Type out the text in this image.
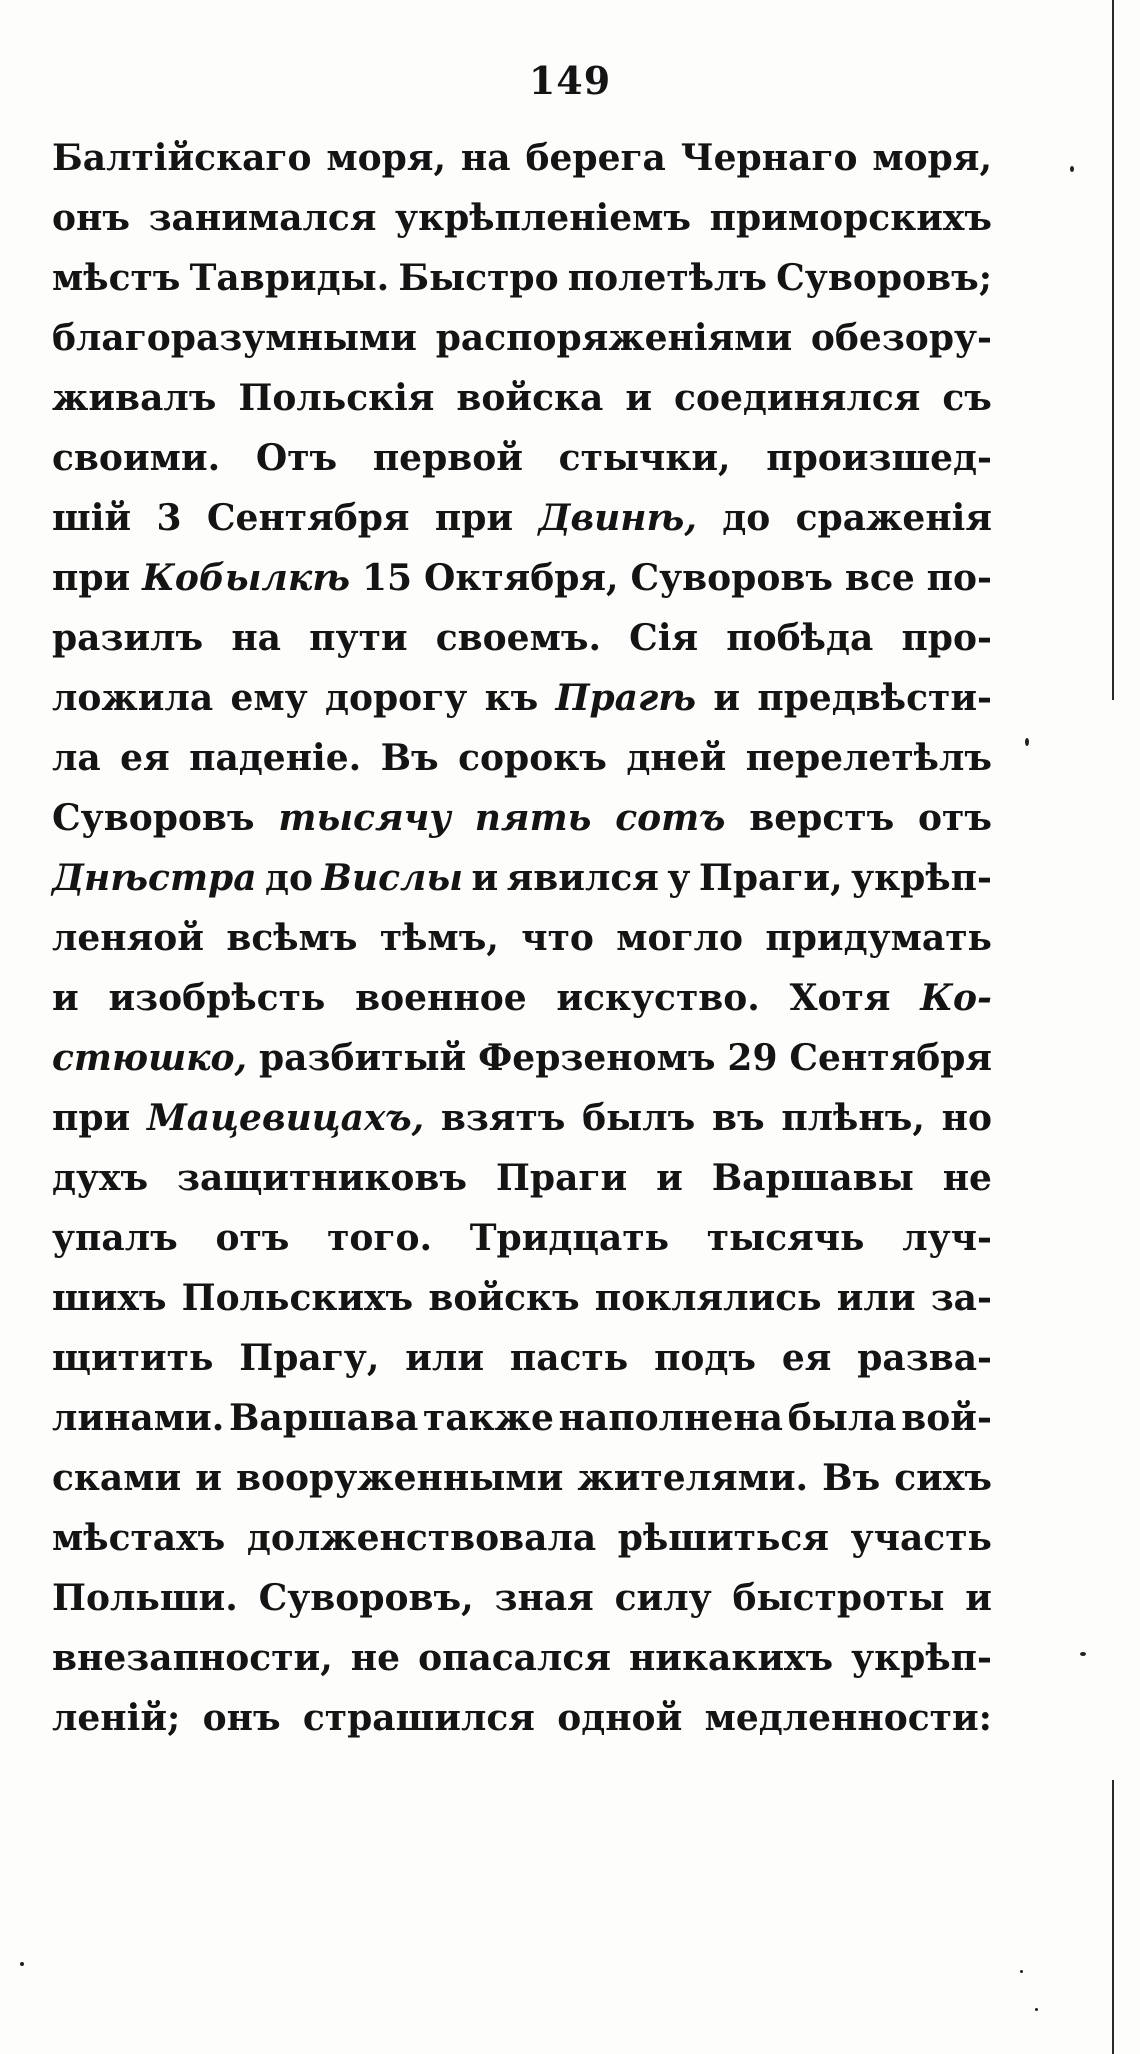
149
Балтійскаго моря, на берега Чернаго моря,
онъ занимался укрѣпленіемъ приморскихъ
мѣстъ Тавриды. Быстро полетѣлъ Суворовъ;
благоразумными распоряженіями обезору-
живалъ Польскія войска и соединялся съ
своими. Отъ первой стычки, произшед-
шій 3 Сентября при Двинѣ, до сраженія
при Кобылкѣ 15 Октября, Суворовъ все по-
разилъ на пути своемъ. Сія побѣда про-
ложила ему дорогу къ Прагѣ и предвѣсти-
ла ея паденіе. Въ сорокъ дней перелетѣлъ
Суворовъ тысячу пять сотъ верстъ отъ
Днѣстра до Вислы и явился у Праги, укрѣп-
леняой всѣмъ тѣмъ, что могло придумать
и изобрѣсть военное искуство. Хотя Ко-
стюшко, разбитый Ферзеномъ 29 Сентября
при Мацевицахъ, взятъ былъ въ плѣнъ, но
духъ защитниковъ Праги и Варшавы не
упалъ отъ того. Тридцать тысячь луч-
шихъ Польскихъ войскъ поклялись или за-
щитить Прагу, или пасть подъ ея разва-
линами. Варшава также наполнена была вой-
сками и вооруженными жителями. Въ сихъ
мѣстахъ долженствовала рѣшиться участь
Польши. Суворовъ, зная силу быстроты и
внезапности, не опасался никакихъ укрѣп-
леній; онъ страшился одной медленности:
